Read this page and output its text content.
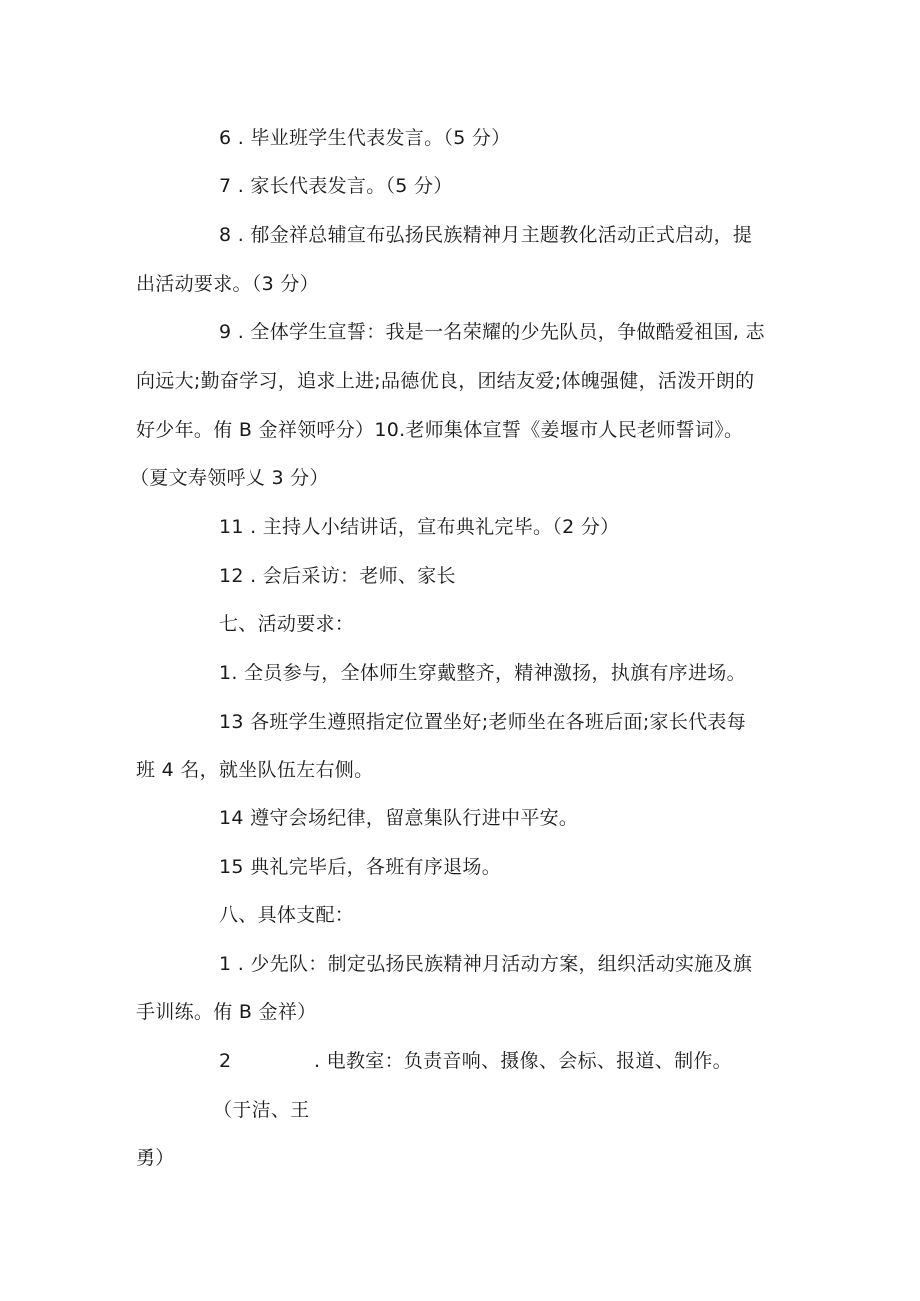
6 . 毕业班学生代表发言。（5 分）
7 . 家长代表发言。（5 分）
8 . 郁金祥总辅宣布弘扬民族精神月主题教化活动正式启动，提
出活动要求。（3 分）
9 . 全体学生宣誓：我是一名荣耀的少先队员，争做酷爱祖国, 志
向远大;勤奋学习，追求上进;品德优良，团结友爱;体魄强健，活泼开朗的
好少年。侑 B 金祥领呼分）10.老师集体宣誓《姜堰市人民老师誓词》。
（夏文寿领呼乂 3 分）
11 . 主持人小结讲话，宣布典礼完毕。（2 分）
12 . 会后采访：老师、家长
七、活动要求：
1. 全员参与，全体师生穿戴整齐，精神激扬，执旗有序进场。
13 各班学生遵照指定位置坐好;老师坐在各班后面;家长代表每
班 4 名，就坐队伍左右侧。
14 遵守会场纪律，留意集队行进中平安。
15 典礼完毕后，各班有序退场。
八、具体支配：
1 . 少先队：制定弘扬民族精神月活动方案，组织活动实施及旗
手训练。侑 B 金祥）
2	. 电教室：负责音响、摄像、会标、报道、制作。
（于洁、王
勇）
